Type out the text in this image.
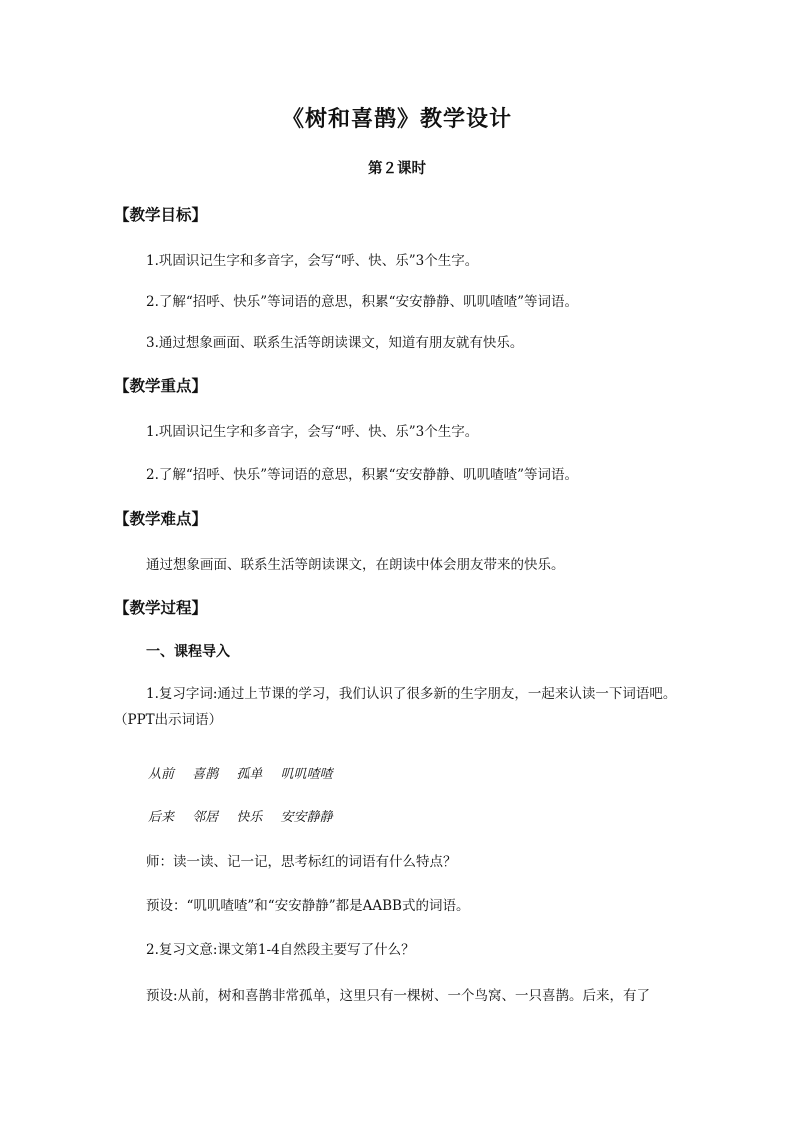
《树和喜鹊》教学设计
第２课时
【教学目标】
1.巩固识记生字和多音字，会写“呼、快、乐”3个生字。
2.了解“招呼、快乐”等词语的意思，积累“安安静静、叽叽喳喳”等词语。
3.通过想象画面、联系生活等朗读课文，知道有朋友就有快乐。
【教学重点】
1.巩固识记生字和多音字，会写“呼、快、乐”3个生字。
2.了解“招呼、快乐”等词语的意思，积累“安安静静、叽叽喳喳”等词语。
【教学难点】
通过想象画面、联系生活等朗读课文，在朗读中体会朋友带来的快乐。
【教学过程】
一、课程导入
1.复习字词:通过上节课的学习，我们认识了很多新的生字朋友，一起来认读一下词语吧。（PPT出示词语）
从前 喜鹊 孤单 叽叽喳喳
后来 邻居 快乐 安安静静
师：读一读、记一记，思考标红的词语有什么特点？
预设：“叽叽喳喳”和“安安静静”都是AABB式的词语。
2.复习文意:课文第1-4自然段主要写了什么？
预设:从前，树和喜鹊非常孤单，这里只有一棵树、一个鸟窝、一只喜鹊。后来，有了
